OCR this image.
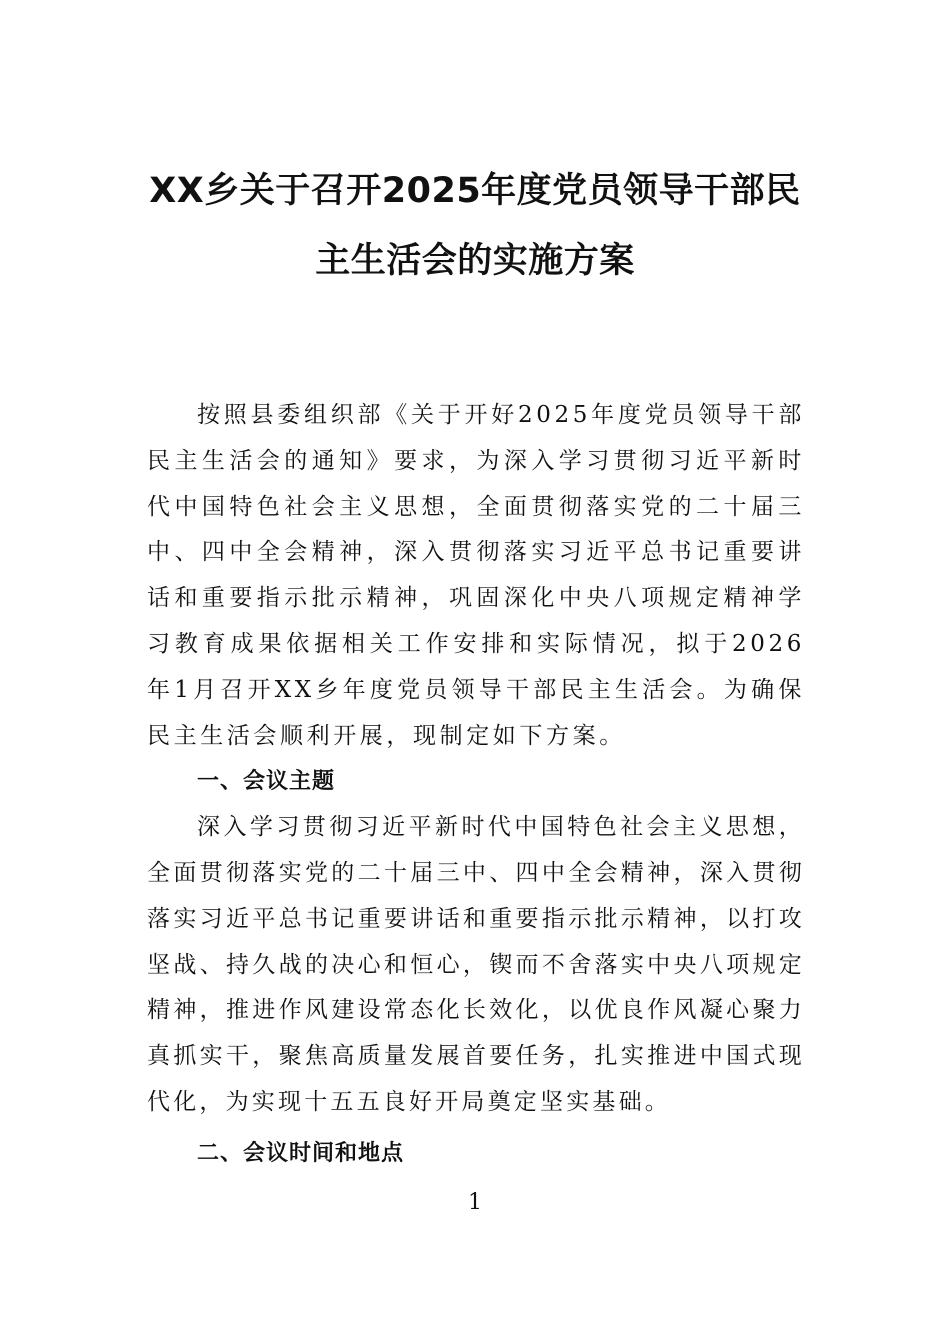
XX乡关于召开2025年度党员领导干部民
主生活会的实施方案

按照县委组织部《关于开好2025年度党员领导干部民主生活会的通知》要求，为深入学习贯彻习近平新时代中国特色社会主义思想，全面贯彻落实党的二十届三中、四中全会精神，深入贯彻落实习近平总书记重要讲话和重要指示批示精神，巩固深化中央八项规定精神学习教育成果依据相关工作安排和实际情况，拟于2026年1月召开XX乡年度党员领导干部民主生活会。为确保民主生活会顺利开展，现制定如下方案。

一、会议主题

深入学习贯彻习近平新时代中国特色社会主义思想，全面贯彻落实党的二十届三中、四中全会精神，深入贯彻落实习近平总书记重要讲话和重要指示批示精神，以打攻坚战、持久战的决心和恒心，锲而不舍落实中央八项规定精神，推进作风建设常态化长效化，以优良作风凝心聚力真抓实干，聚焦高质量发展首要任务，扎实推进中国式现代化，为实现十五五良好开局奠定坚实基础。

二、会议时间和地点

1
